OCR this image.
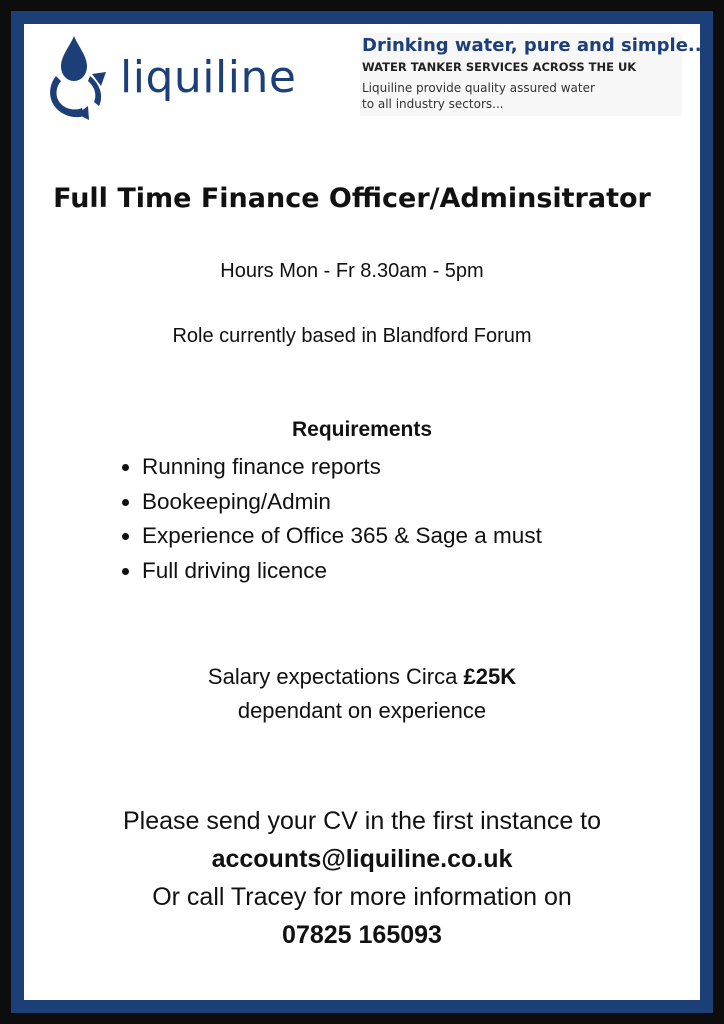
liquiline
Drinking water, pure and simple..
WATER TANKER SERVICES ACROSS THE UK
Liquiline provide quality assured water
to all industry sectors...
Full Time Finance Officer/Adminsitrator
Hours Mon - Fr 8.30am - 5pm
Role currently based in Blandford Forum
Requirements
Running finance reports
Bookeeping/Admin
Experience of Office 365 & Sage a must
Full driving licence
Salary expectations Circa £25K
dependant on experience
Please send your CV in the first instance to
accounts@liquiline.co.uk
Or call Tracey for more information on
07825 165093
